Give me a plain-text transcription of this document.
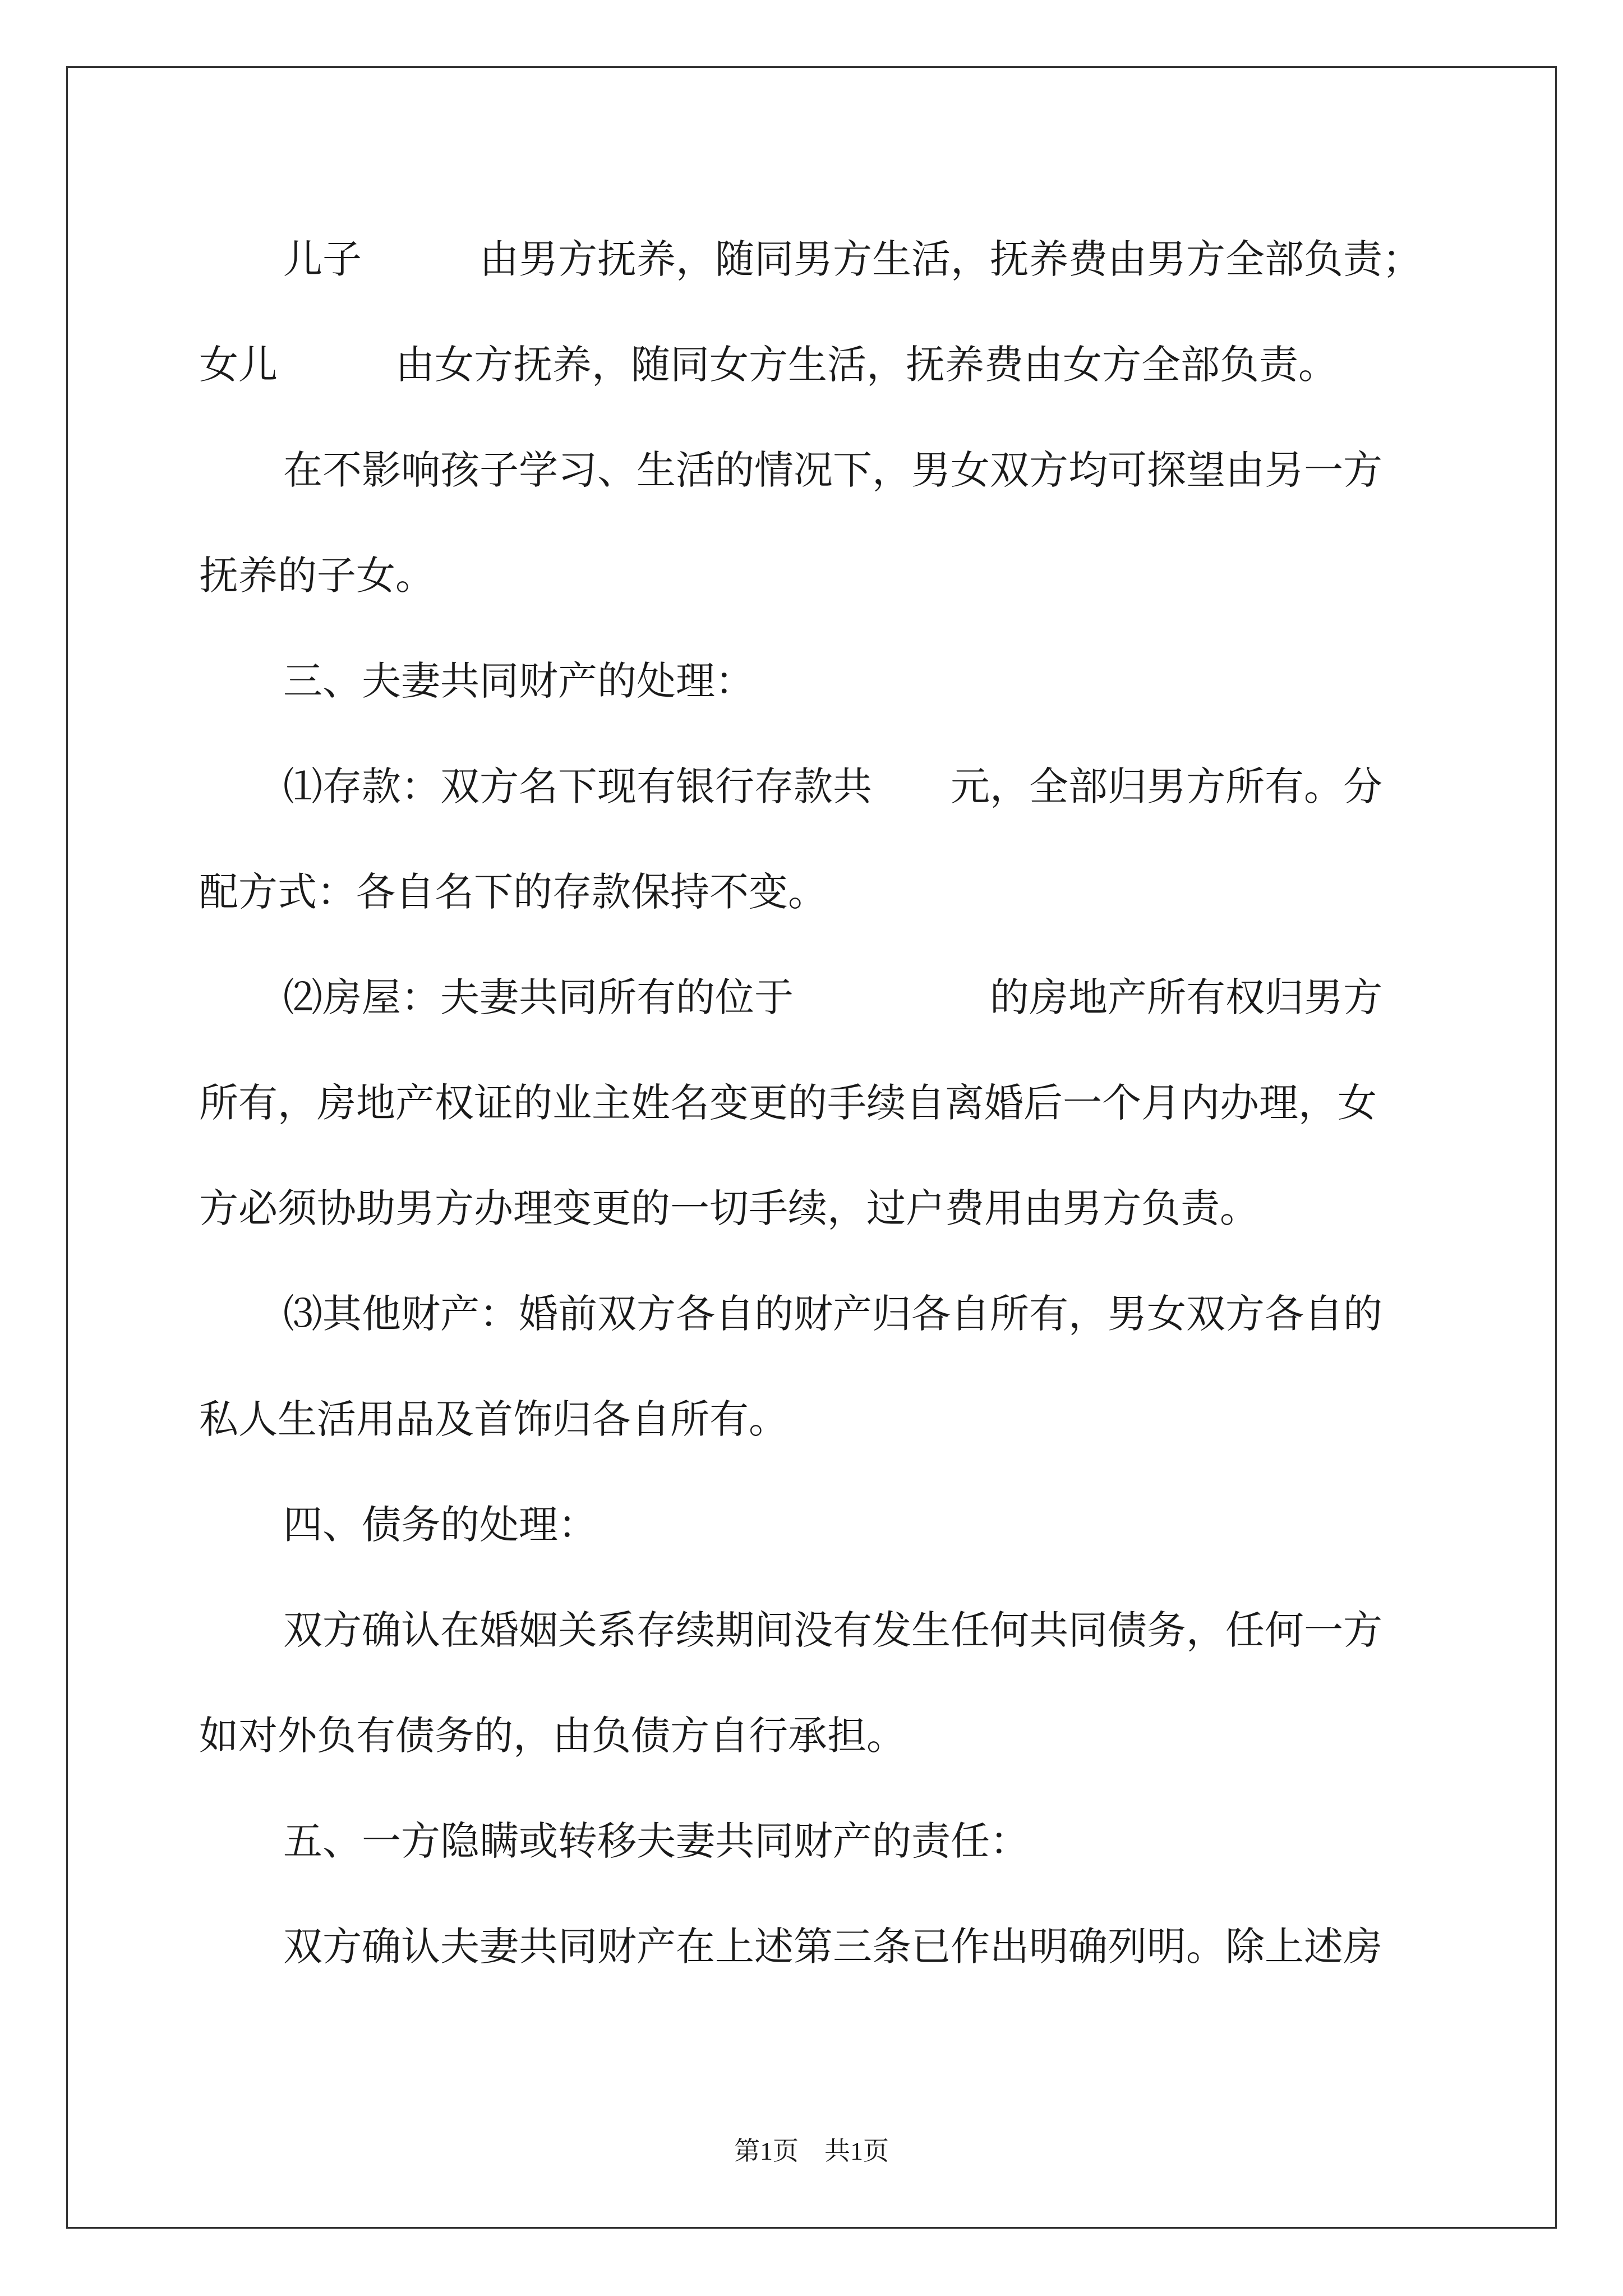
儿子　　　由男方抚养，随同男方生活，抚养费由男方全部负责；
女儿　　　由女方抚养，随同女方生活，抚养费由女方全部负责。
在不影响孩子学习、生活的情况下，男女双方均可探望由另一方
抚养的子女。
三、夫妻共同财产的处理：
⑴存款：双方名下现有银行存款共　　元，全部归男方所有。分
配方式：各自名下的存款保持不变。
⑵房屋：夫妻共同所有的位于　　　　　的房地产所有权归男方
所有，房地产权证的业主姓名变更的手续自离婚后一个月内办理，女
方必须协助男方办理变更的一切手续，过户费用由男方负责。
⑶其他财产：婚前双方各自的财产归各自所有，男女双方各自的
私人生活用品及首饰归各自所有。
四、债务的处理：
双方确认在婚姻关系存续期间没有发生任何共同债务，任何一方
如对外负有债务的，由负债方自行承担。
五、一方隐瞒或转移夫妻共同财产的责任：
双方确认夫妻共同财产在上述第三条已作出明确列明。除上述房
第1页　共1页
